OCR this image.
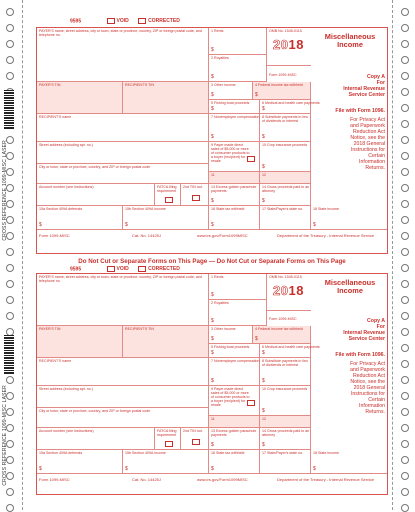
CROSS REFERENCE 1099-MISC LASER
CROSS REFERENCE 1099-MISC LASER
9595	VOID	CORRECTED
PAYER'S name, street address, city or town, state or province, country, ZIP or foreign postal code, and telephone no.
1 Rents
$
OMB No. 1545-0115
2018
2 Royalties
$	Form 1099-MISC
Miscellaneous
Income
3 Other income
$
4 Federal income tax withheld
$
Copy A
For
Internal Revenue
Service Center
PAYER'S TIN	RECIPIENT'S TIN
5 Fishing boat proceeds
$
6 Medical and health care payments
$
RECIPIENT'S name	7 Nonemployee compensation
$
8 Substitute payments in lieu of dividends or interest
$
File with Form 1096.
For Privacy Act
and Paperwork
Reduction Act
Notice, see the
2018 General
Instructions for
Certain
Information
Returns.
Street address (including apt. no.)	9 Payer made direct sales of $5,000 or more of consumer products to a buyer (recipient) for resale
10 Crop insurance proceeds
$
City or town, state or province, country, and ZIP or foreign postal code
11	12
Account number (see instructions)	FATCA filing requirement
2nd TIN not. 13 Excess golden parachute payments
$
14 Gross proceeds paid to an attorney
$
15a Section 409A deferrals
$
15b Section 409A income
$
16 State tax withheld
$
17 State/Payer's state no.	18 State income
$
Form 1099-MISC	Cat. No. 14425J	www.irs.gov/Form1099MISC	Department of the Treasury - Internal Revenue Service
Do Not Cut or Separate Forms on This Page — Do Not Cut or Separate Forms on This Page
9595	VOID	CORRECTED
PAYER'S name, street address, city or town, state or province, country, ZIP or foreign postal code, and telephone no.
1 Rents
$
OMB No. 1545-0115
2018
2 Royalties
$	Form 1099-MISC
Miscellaneous
Income
3 Other income
$
4 Federal income tax withheld
$
Copy A
For
Internal Revenue
Service Center
PAYER'S TIN	RECIPIENT'S TIN
5 Fishing boat proceeds
$
6 Medical and health care payments
$
RECIPIENT'S name	7 Nonemployee compensation
$
8 Substitute payments in lieu of dividends or interest
$
File with Form 1096.
For Privacy Act
and Paperwork
Reduction Act
Notice, see the
2018 General
Instructions for
Certain
Information
Returns.
Street address (including apt. no.)	9 Payer made direct sales of $5,000 or more of consumer products to a buyer (recipient) for resale
10 Crop insurance proceeds
$
City or town, state or province, country, and ZIP or foreign postal code
11	12
Account number (see instructions)	FATCA filing requirement
2nd TIN not. 13 Excess golden parachute payments
$
14 Gross proceeds paid to an attorney
$
15a Section 409A deferrals
$
15b Section 409A income
$
16 State tax withheld
$
17 State/Payer's state no.	18 State income
$
Form 1099-MISC	Cat. No. 14425J	www.irs.gov/Form1099MISC	Department of the Treasury - Internal Revenue Service
